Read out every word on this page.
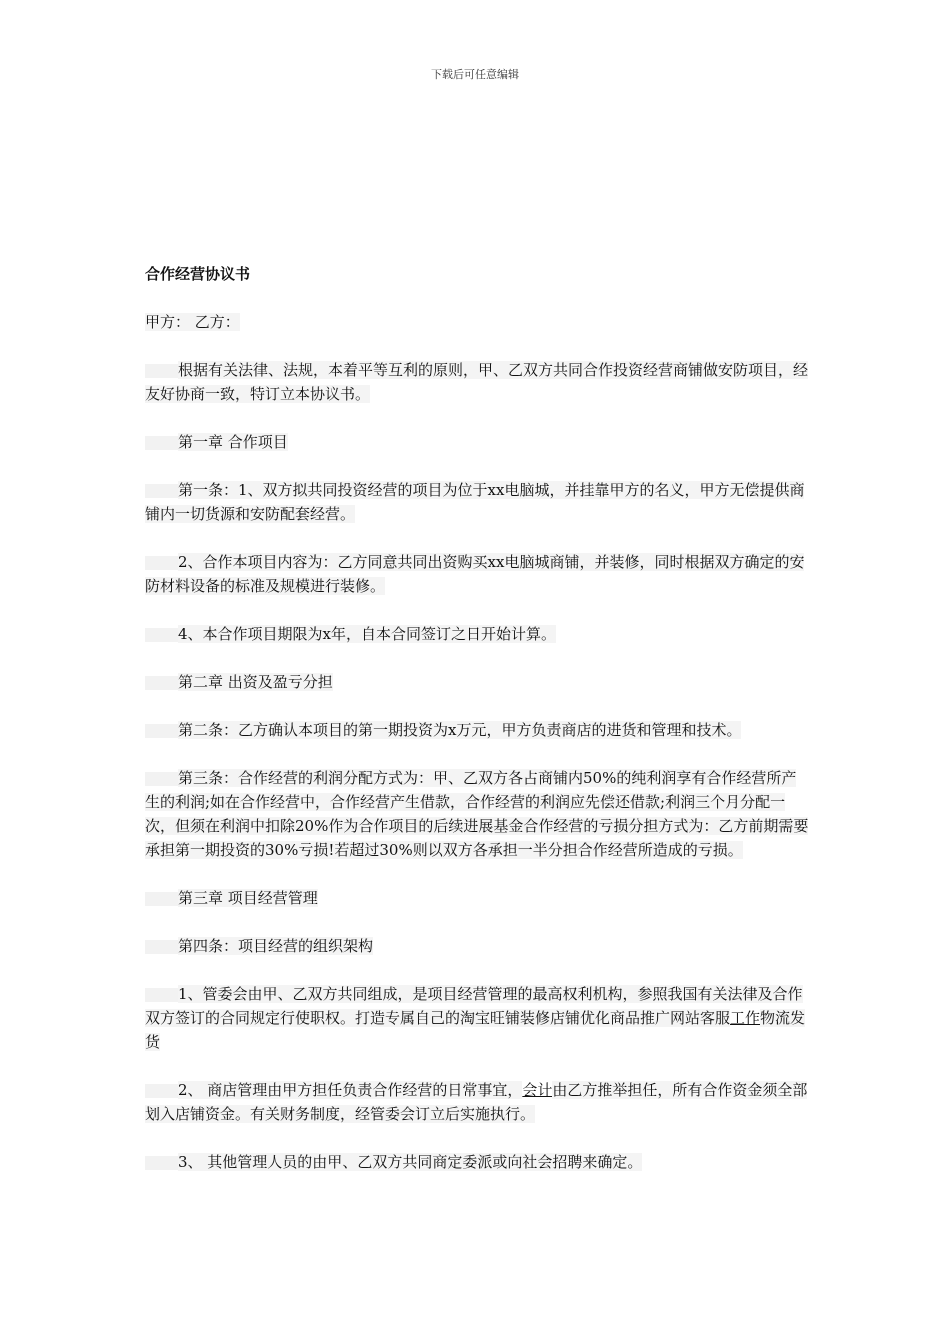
下载后可任意编辑

合作经营协议书

甲方： 乙方：

根据有关法律、法规，本着平等互利的原则，甲、乙双方共同合作投资经营商铺做安防项目，经友好协商一致，特订立本协议书。

第一章 合作项目

第一条：1、双方拟共同投资经营的项目为位于xx电脑城，并挂靠甲方的名义，甲方无偿提供商铺内一切货源和安防配套经营。

2、合作本项目内容为：乙方同意共同出资购买xx电脑城商铺，并装修，同时根据双方确定的安防材料设备的标准及规模进行装修。

4、本合作项目期限为x年，自本合同签订之日开始计算。

第二章 出资及盈亏分担

第二条：乙方确认本项目的第一期投资为x万元，甲方负责商店的进货和管理和技术。

第三条：合作经营的利润分配方式为：甲、乙双方各占商铺内50%的纯利润享有合作经营所产生的利润;如在合作经营中，合作经营产生借款，合作经营的利润应先偿还借款;利润三个月分配一次，但须在利润中扣除20%作为合作项目的后续进展基金合作经营的亏损分担方式为：乙方前期需要承担第一期投资的30%亏损!若超过30%则以双方各承担一半分担合作经营所造成的亏损。

第三章 项目经营管理

第四条：项目经营的组织架构

1、管委会由甲、乙双方共同组成，是项目经营管理的最高权利机构，参照我国有关法律及合作双方签订的合同规定行使职权。打造专属自己的淘宝旺铺装修店铺优化商品推广网站客服工作物流发货

2、 商店管理由甲方担任负责合作经营的日常事宜，会计由乙方推举担任，所有合作资金须全部划入店铺资金。有关财务制度，经管委会订立后实施执行。

3、 其他管理人员的由甲、乙双方共同商定委派或向社会招聘来确定。
